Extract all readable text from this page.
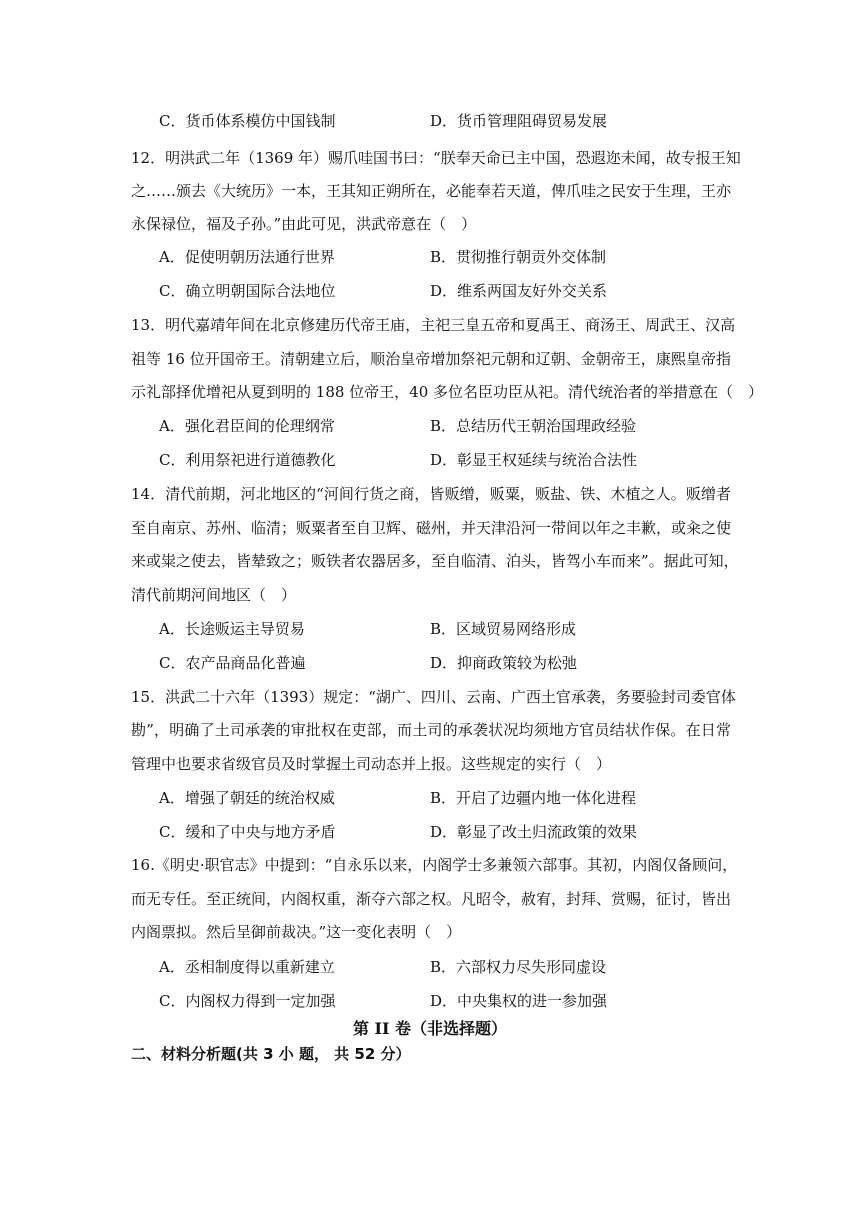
C．货币体系模仿中国钱制	D．货币管理阻碍贸易发展
12．明洪武二年（1369 年）赐爪哇国书曰：“朕奉天命已主中国，恐遐迩未闻，故专报王知
之……颁去《大统历》一本，王其知正朔所在，必能奉若天道，俾爪哇之民安于生理，王亦
永保禄位，福及子孙。”由此可见，洪武帝意在（　）
A．促使明朝历法通行世界	B．贯彻推行朝贡外交体制
C．确立明朝国际合法地位	D．维系两国友好外交关系
13．明代嘉靖年间在北京修建历代帝王庙，主祀三皇五帝和夏禹王、商汤王、周武王、汉高
祖等 16 位开国帝王。清朝建立后，顺治皇帝增加祭祀元朝和辽朝、金朝帝王，康熙皇帝指
示礼部择优增祀从夏到明的 188 位帝王，40 多位名臣功臣从祀。清代统治者的举措意在（　）
A．强化君臣间的伦理纲常	B．总结历代王朝治国理政经验
C．利用祭祀进行道德教化	D．彰显王权延续与统治合法性
14．清代前期，河北地区的“河间行货之商，皆贩缯，贩粟，贩盐、铁、木植之人。贩缯者
至自南京、苏州、临清；贩粟者至自卫辉、磁州，并天津沿河一带间以年之丰歉，或籴之使
来或粜之使去，皆辇致之；贩铁者农器居多，至自临清、泊头，皆驾小车而来”。据此可知，
清代前期河间地区（　）
A．长途贩运主导贸易	B．区域贸易网络形成
C．农产品商品化普遍	D．抑商政策较为松弛
15．洪武二十六年（1393）规定：“湖广、四川、云南、广西土官承袭，务要验封司委官体
勘”，明确了土司承袭的审批权在吏部，而土司的承袭状况均须地方官员结状作保。在日常
管理中也要求省级官员及时掌握土司动态并上报。这些规定的实行（　）
A．增强了朝廷的统治权威	B．开启了边疆内地一体化进程
C．缓和了中央与地方矛盾	D．彰显了改土归流政策的效果
16.《明史·职官志》中提到：“自永乐以来，内阁学士多兼领六部事。其初，内阁仅备顾问，
而无专任。至正统间，内阁权重，渐夺六部之权。凡昭令，赦宥，封拜、赏赐，征讨，皆出
内阁票拟。然后呈御前裁决。”这一变化表明（　）
A．丞相制度得以重新建立	B．六部权力尽失形同虚设
C．内阁权力得到一定加强	D．中央集权的进一参加强
第 II 卷（非选择题）
二、材料分析题(共 3 小 题， 共 52 分）
